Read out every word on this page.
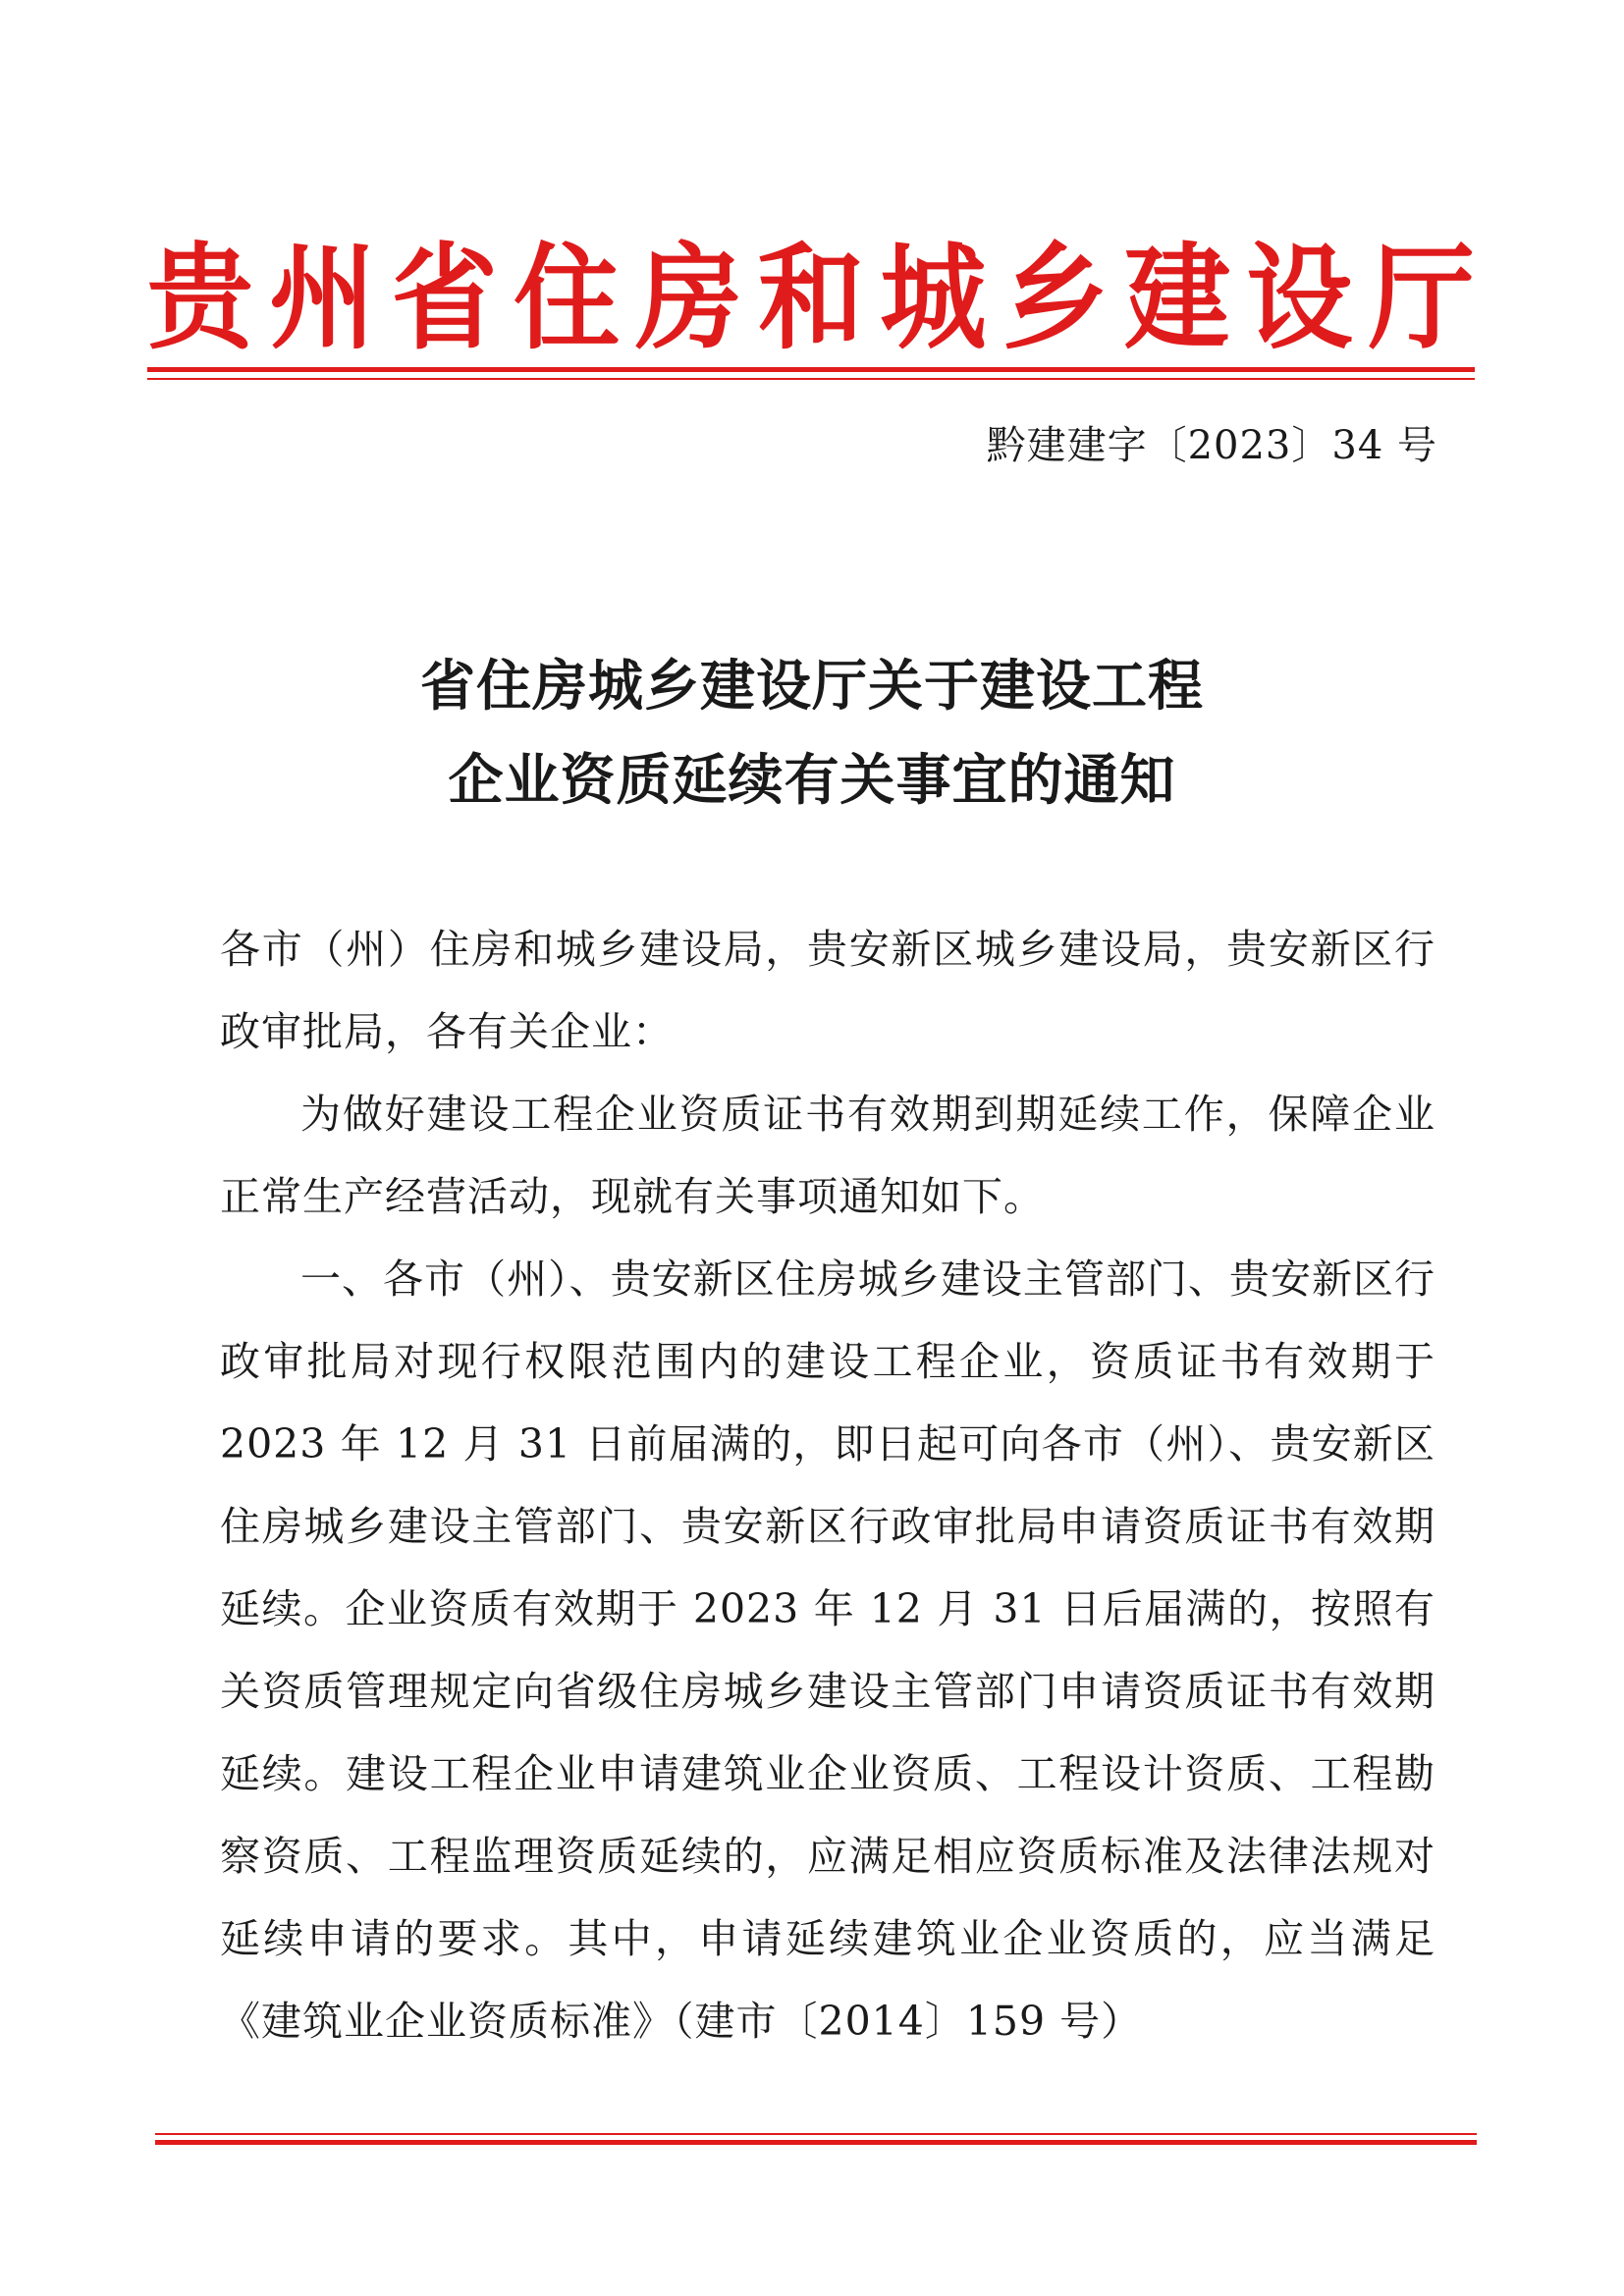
贵 州 省 住 房 和 城 乡 建 设 厅
黔建建字〔2023〕34 号
省住房城乡建设厅关于建设工程
企业资质延续有关事宜的通知

各市（州）住房和城乡建设局，贵安新区城乡建设局，贵安新区行政审批局，各有关企业：

为做好建设工程企业资质证书有效期到期延续工作，保障企业正常生产经营活动，现就有关事项通知如下。

一、各市（州）、贵安新区住房城乡建设主管部门、贵安新区行政审批局对现行权限范围内的建设工程企业，资质证书有效期于 2023 年 12 月 31 日前届满的，即日起可向各市（州）、贵安新区住房城乡建设主管部门、贵安新区行政审批局申请资质证书有效期延续。企业资质有效期于 2023 年 12 月 31 日后届满的，按照有关资质管理规定向省级住房城乡建设主管部门申请资质证书有效期延续。建设工程企业申请建筑业企业资质、工程设计资质、工程勘察资质、工程监理资质延续的，应满足相应资质标准及法律法规对延续申请的要求。其中，申请延续建筑业企业资质的，应当满足《建筑业企业资质标准》（建市〔2014〕159 号）
